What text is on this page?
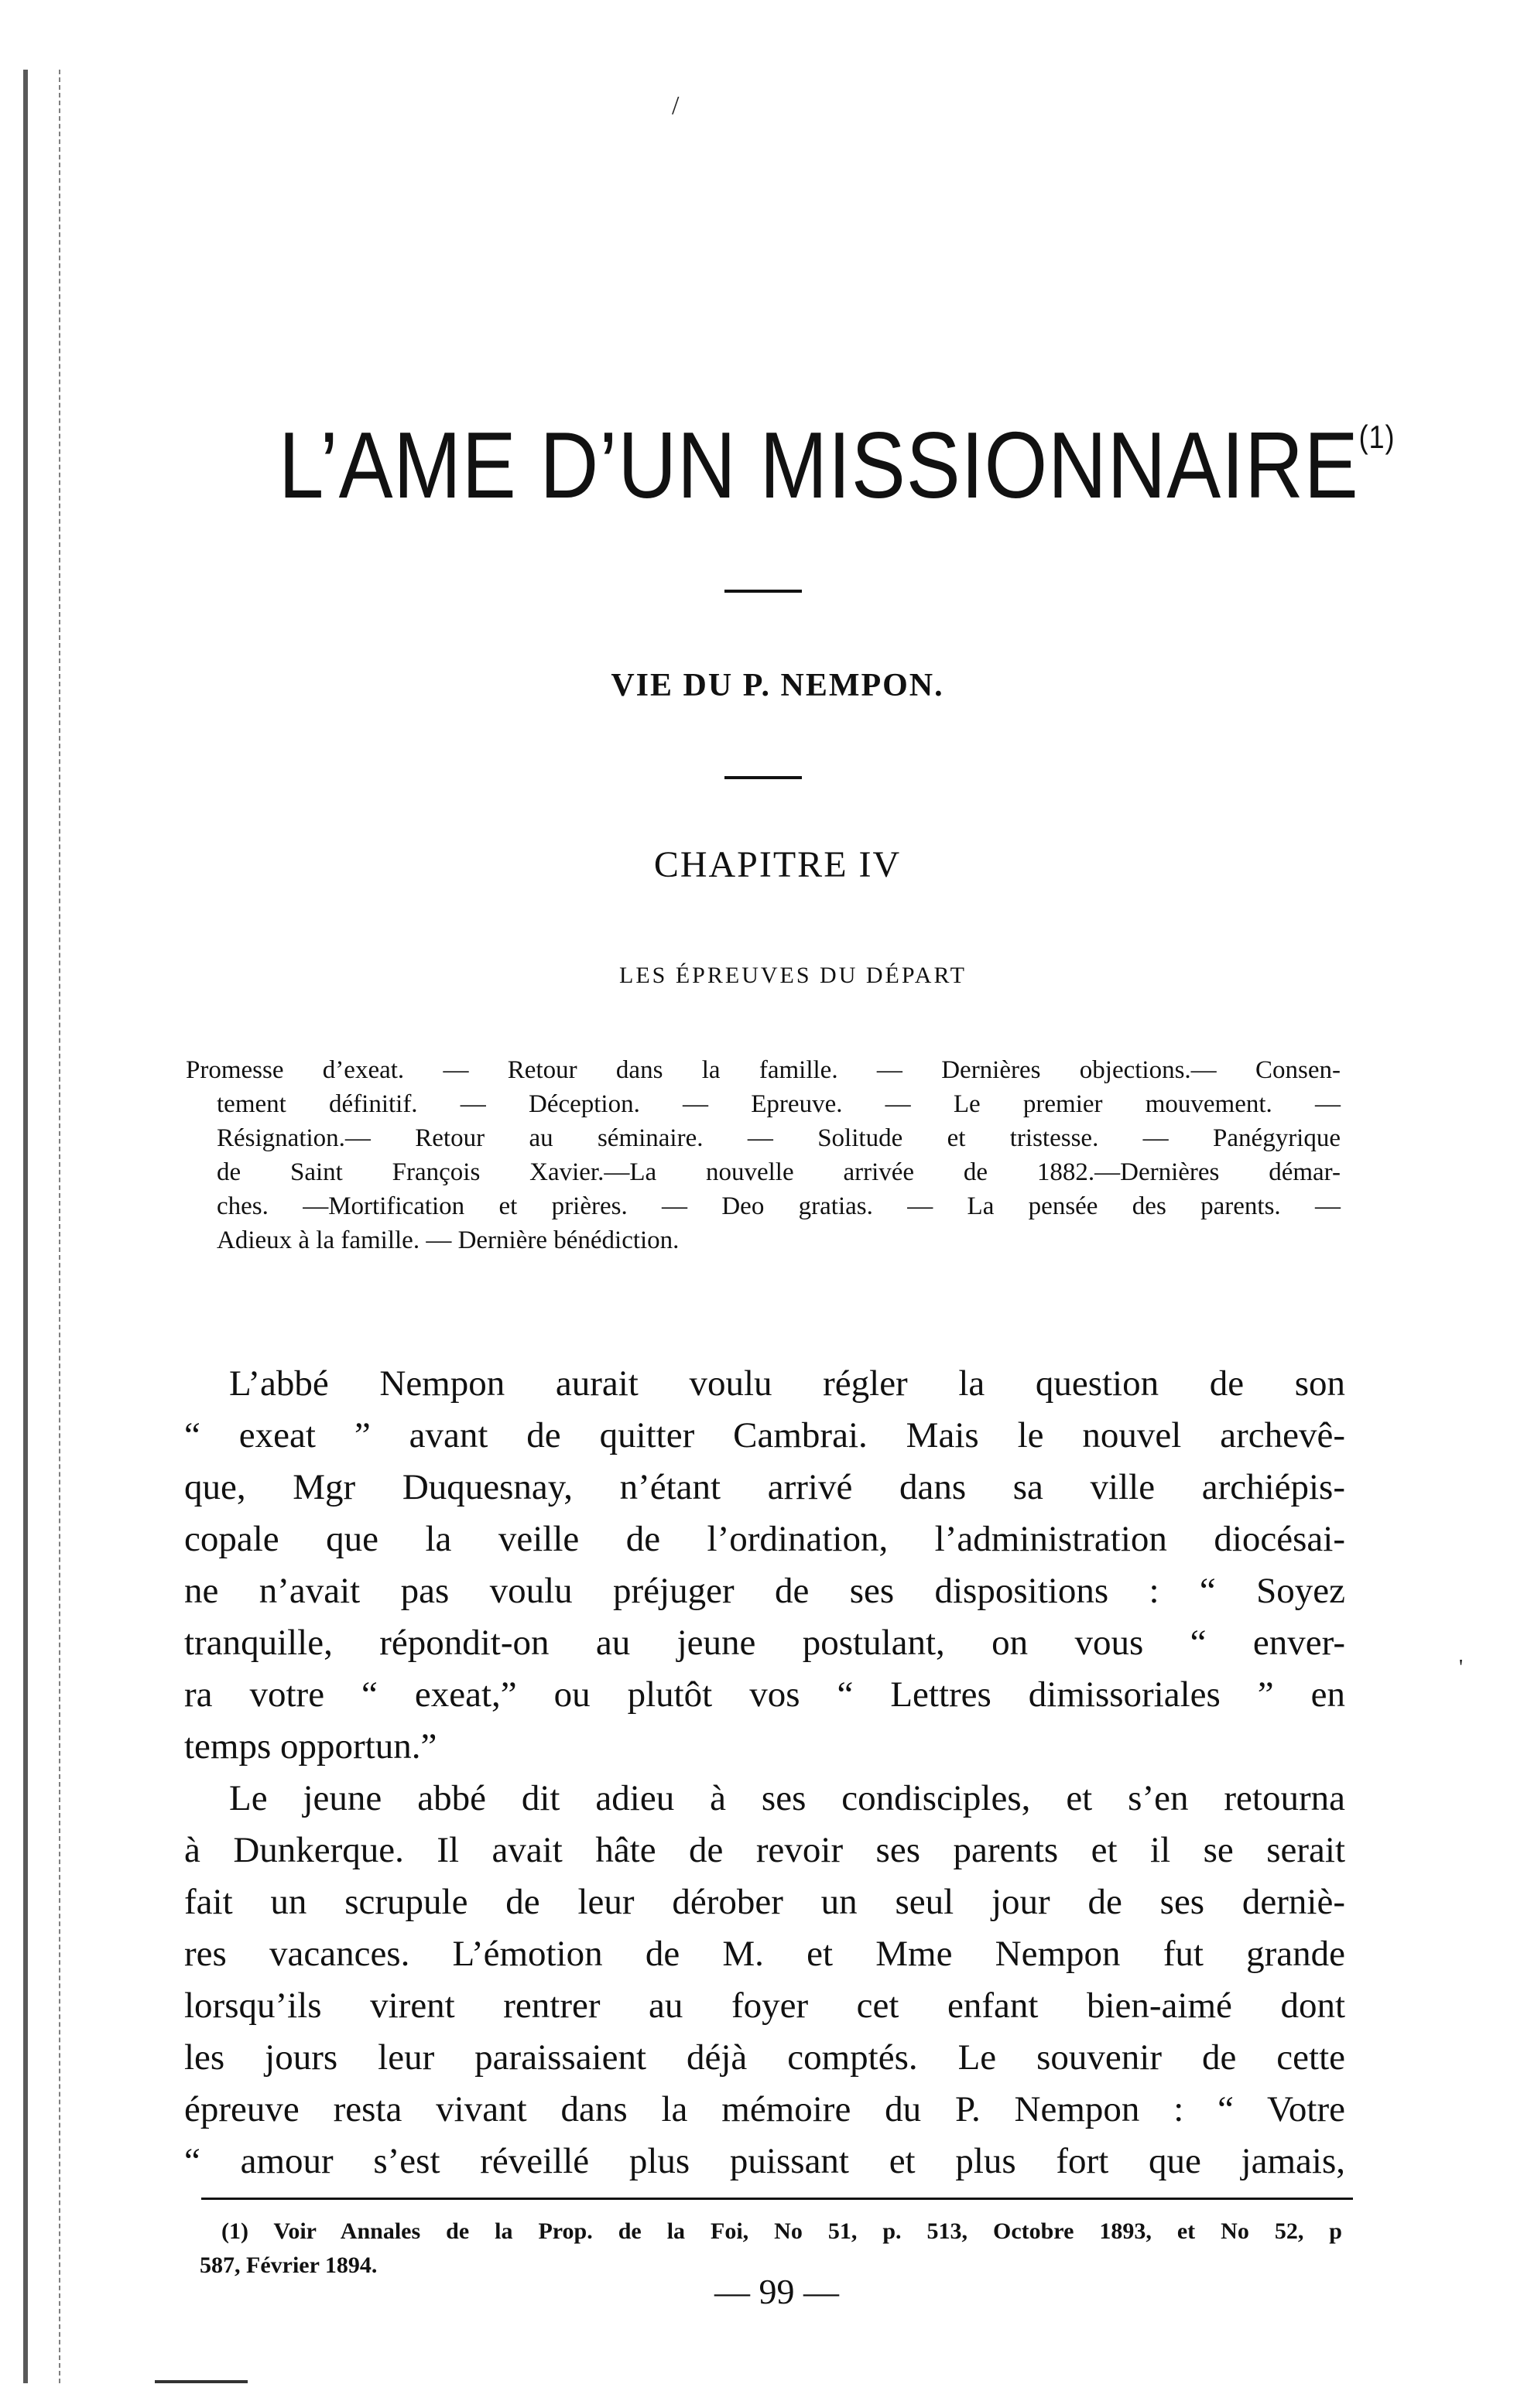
/
L’AME D’UN MISSIONNAIRE$^{(1)}$
VIE DU P. NEMPON.
CHAPITRE IV
LES ÉPREUVES DU DÉPART
Promesse d’exeat. — Retour dans la famille. — Dernières objections.— Consen-
tement définitif. — Déception. — Epreuve. — Le premier mouvement. —
Résignation.— Retour au séminaire. — Solitude et tristesse. — Panégyrique
de Saint François Xavier.—La nouvelle arrivée de 1882.—Dernières démar-
ches. —Mortification et prières. — Deo gratias. — La pensée des parents. —
Adieux à la famille. — Dernière bénédiction.
L’abbé Nempon aurait voulu régler la question de son
“ exeat ” avant de quitter Cambrai. Mais le nouvel archevê-
que, Mgr Duquesnay, n’étant arrivé dans sa ville archiépis-
copale que la veille de l’ordination, l’administration diocésai-
ne n’avait pas voulu préjuger de ses dispositions : “ Soyez
tranquille, répondit-on au jeune postulant, on vous “ enver-
ra votre “ exeat,” ou plutôt vos “ Lettres dimissoriales ” en
temps opportun.”
Le jeune abbé dit adieu à ses condisciples, et s’en retourna
à Dunkerque. Il avait hâte de revoir ses parents et il se serait
fait un scrupule de leur dérober un seul jour de ses derniè-
res vacances. L’émotion de M. et Mme Nempon fut grande
lorsqu’ils virent rentrer au foyer cet enfant bien-aimé dont
les jours leur paraissaient déjà comptés. Le souvenir de cette
épreuve resta vivant dans la mémoire du P. Nempon : “ Votre
“ amour s’est réveillé plus puissant et plus fort que jamais,
'
(1) Voir Annales de la Prop. de la Foi, No 51, p. 513, Octobre 1893, et No 52, p
587, Février 1894.
— 99 —
